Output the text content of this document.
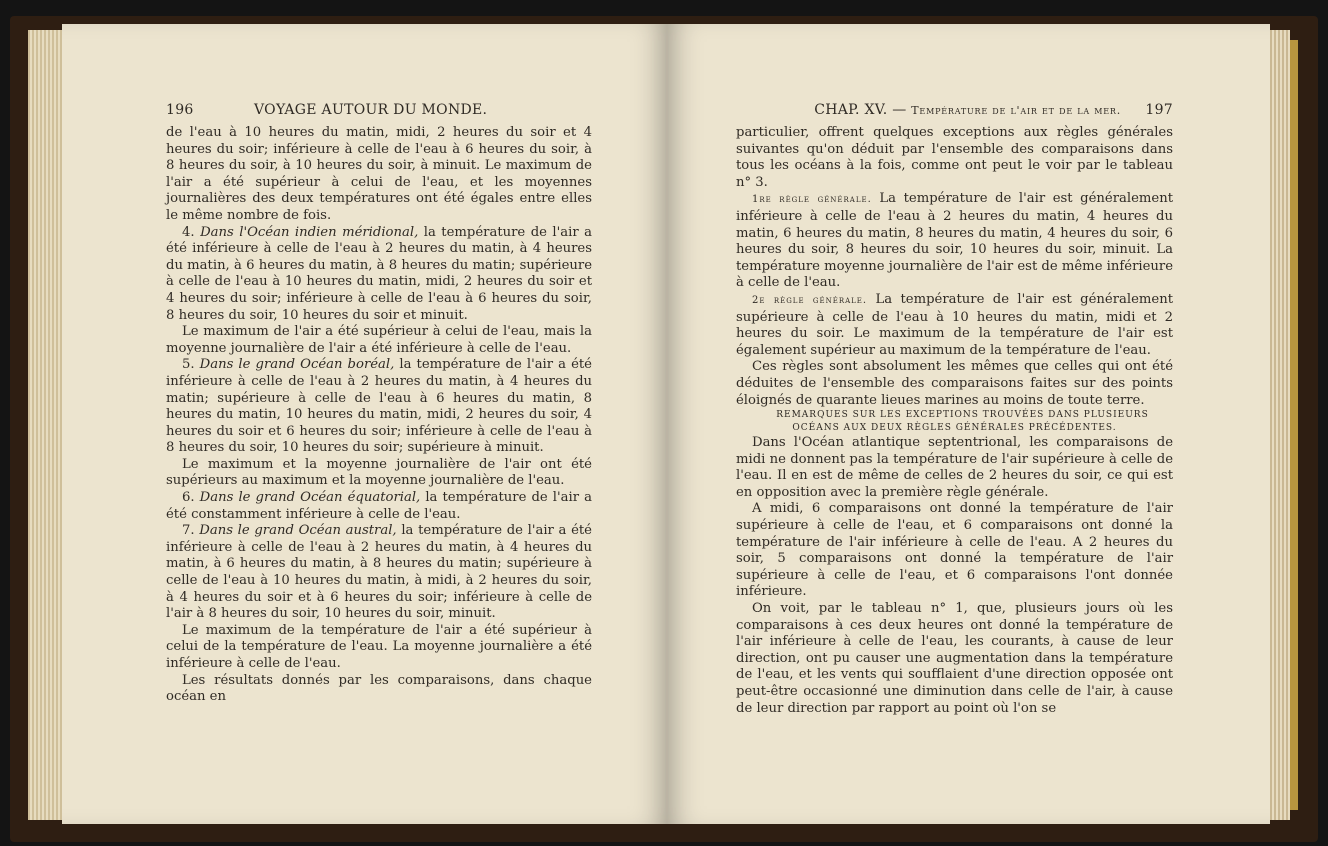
196	VOYAGE AUTOUR DU MONDE.

de l'eau à 10 heures du matin, midi, 2 heures du soir et 4 heures du soir; inférieure à celle de l'eau à 6 heures du soir, à 8 heures du soir, à 10 heures du soir, à minuit. Le maximum de l'air a été supérieur à celui de l'eau, et les moyennes journalières des deux températures ont été égales entre elles le même nombre de fois.

4. Dans l'Océan indien méridional, la température de l'air a été inférieure à celle de l'eau à 2 heures du matin, à 4 heures du matin, à 6 heures du matin, à 8 heures du matin; supérieure à celle de l'eau à 10 heures du matin, midi, 2 heures du soir et 4 heures du soir; inférieure à celle de l'eau à 6 heures du soir, 8 heures du soir, 10 heures du soir et minuit.

Le maximum de l'air a été supérieur à celui de l'eau, mais la moyenne journalière de l'air a été inférieure à celle de l'eau.

5. Dans le grand Océan boréal, la température de l'air a été inférieure à celle de l'eau à 2 heures du matin, à 4 heures du matin; supérieure à celle de l'eau à 6 heures du matin, 8 heures du matin, 10 heures du matin, midi, 2 heures du soir, 4 heures du soir et 6 heures du soir; inférieure à celle de l'eau à 8 heures du soir, 10 heures du soir; supérieure à minuit.

Le maximum et la moyenne journalière de l'air ont été supérieurs au maximum et la moyenne journalière de l'eau.

6. Dans le grand Océan équatorial, la température de l'air a été constamment inférieure à celle de l'eau.

7. Dans le grand Océan austral, la température de l'air a été inférieure à celle de l'eau à 2 heures du matin, à 4 heures du matin, à 6 heures du matin, à 8 heures du matin; supérieure à celle de l'eau à 10 heures du matin, à midi, à 2 heures du soir, à 4 heures du soir et à 6 heures du soir; inférieure à celle de l'air à 8 heures du soir, 10 heures du soir, minuit.

Le maximum de la température de l'air a été supérieur à celui de la température de l'eau. La moyenne journalière a été inférieure à celle de l'eau.

Les résultats donnés par les comparaisons, dans chaque océan en

CHAP. XV. — Température de l'air et de la mer. 197

particulier, offrent quelques exceptions aux règles générales suivantes qu'on déduit par l'ensemble des comparaisons dans tous les océans à la fois, comme ont peut le voir par le tableau n° 3.

1re règle générale. La température de l'air est généralement inférieure à celle de l'eau à 2 heures du matin, 4 heures du matin, 6 heures du matin, 8 heures du matin, 4 heures du soir, 6 heures du soir, 8 heures du soir, 10 heures du soir, minuit. La température moyenne journalière de l'air est de même inférieure à celle de l'eau.

2e règle générale. La température de l'air est généralement supérieure à celle de l'eau à 10 heures du matin, midi et 2 heures du soir. Le maximum de la température de l'air est également supérieur au maximum de la température de l'eau.

Ces règles sont absolument les mêmes que celles qui ont été déduites de l'ensemble des comparaisons faites sur des points éloignés de quarante lieues marines au moins de toute terre.

REMARQUES SUR LES EXCEPTIONS TROUVÉES DANS PLUSIEURS OCÉANS AUX DEUX RÈGLES GÉNÉRALES PRÉCÉDENTES.

Dans l'Océan atlantique septentrional, les comparaisons de midi ne donnent pas la température de l'air supérieure à celle de l'eau. Il en est de même de celles de 2 heures du soir, ce qui est en opposition avec la première règle générale.

A midi, 6 comparaisons ont donné la température de l'air supérieure à celle de l'eau, et 6 comparaisons ont donné la température de l'air inférieure à celle de l'eau. A 2 heures du soir, 5 comparaisons ont donné la température de l'air supérieure à celle de l'eau, et 6 comparaisons l'ont donnée inférieure.

On voit, par le tableau n° 1, que, plusieurs jours où les comparaisons à ces deux heures ont donné la température de l'air inférieure à celle de l'eau, les courants, à cause de leur direction, ont pu causer une augmentation dans la température de l'eau, et les vents qui soufflaient d'une direction opposée ont peut-être occasionné une diminution dans celle de l'air, à cause de leur direction par rapport au point où l'on se
